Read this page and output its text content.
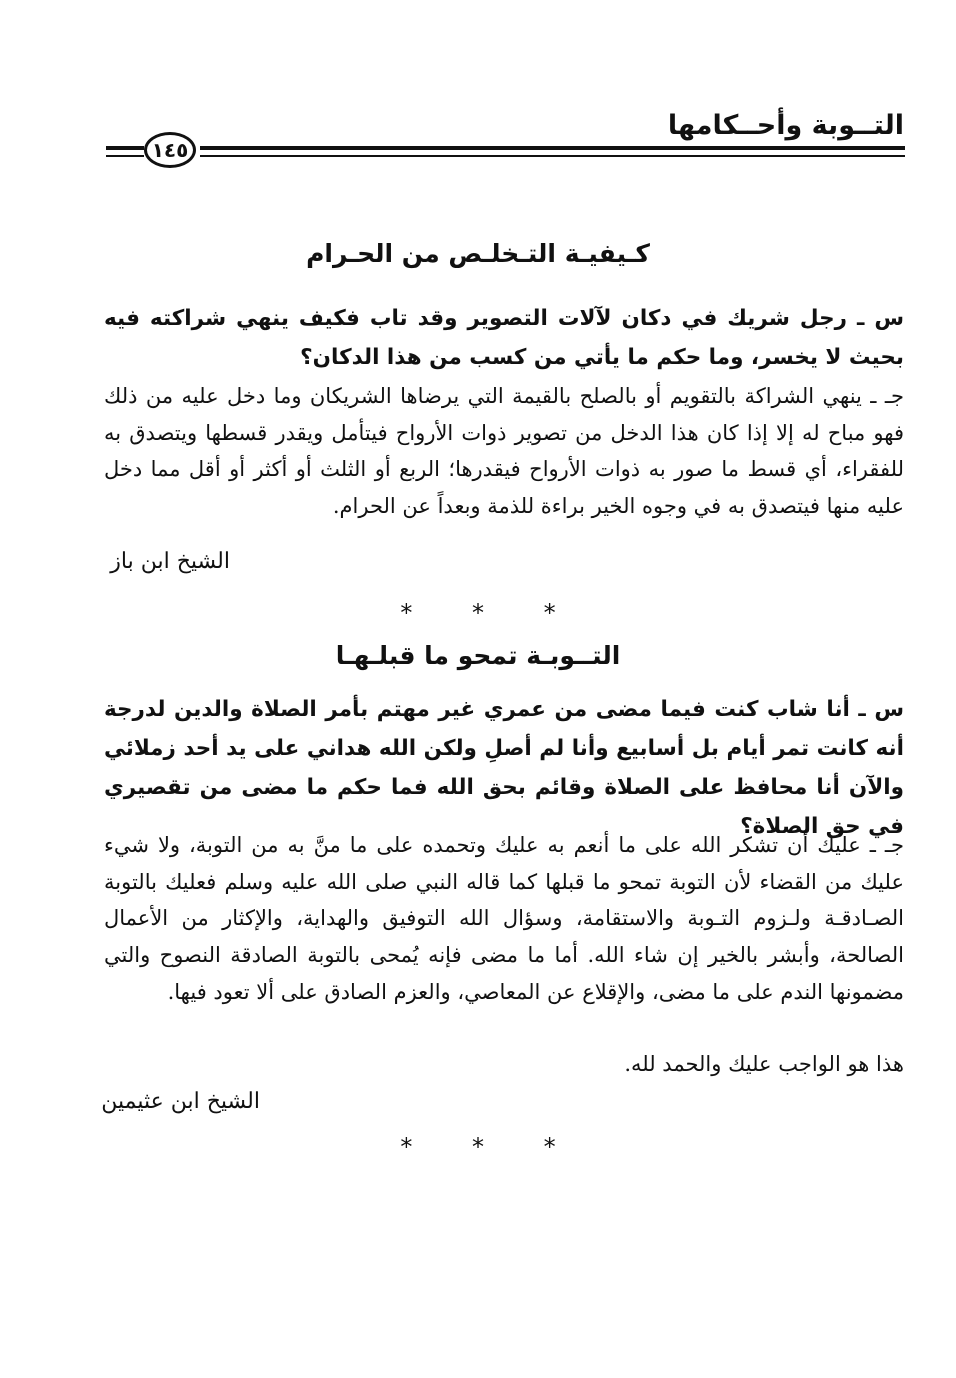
التــوبة وأحــكامها
١٤٥
كـيفيـة التـخلـص من الحـرام
س ـ رجل شريك في دكان لآلات التصوير وقد تاب فكيف ينهي شراكته فيه بحيث لا يخسر، وما حكم ما يأتي من كسب من هذا الدكان؟
جـ ـ ينهي الشراكة بالتقويم أو بالصلح بالقيمة التي يرضاها الشريكان وما دخل عليه من ذلك فهو مباح له إلا إذا كان هذا الدخل من تصوير ذوات الأرواح فيتأمل ويقدر قسطها ويتصدق به للفقراء، أي قسط ما صور به ذوات الأرواح فيقدرها؛ الربع أو الثلث أو أكثر أو أقل مما دخل عليه منها فيتصدق به في وجوه الخير براءة للذمة وبعداً عن الحرام.
الشيخ ابن باز
* * *
التــوبـة تمحو ما قبلـهـا
س ـ أنا شاب كنت فيما مضى من عمري غير مهتم بأمر الصلاة والدين لدرجة أنه كانت تمر أيام بل أسابيع وأنا لم أصلِ ولكن الله هداني على يد أحد زملائي والآن أنا محافظ على الصلاة وقائم بحق الله فما حكم ما مضى من تقصيري في حق الصلاة؟
جـ ـ عليك أن تشكر الله على ما أنعم به عليك وتحمده على ما منَّ به من التوبة، ولا شيء عليك من القضاء لأن التوبة تمحو ما قبلها كما قاله النبي صلى الله عليه وسلم فعليك بالتوبة الصـادقـة ولـزوم التـوبة والاستقامة، وسؤال الله التوفيق والهداية، والإكثار من الأعمال الصالحة، وأبشر بالخير إن شاء الله. أما ما مضى فإنه يُمحى بالتوبة الصادقة النصوح والتي مضمونها الندم على ما مضى، والإقلاع عن المعاصي، والعزم الصادق على ألا تعود فيها.
هذا هو الواجب عليك والحمد لله.
الشيخ ابن عثيمين
* * *
